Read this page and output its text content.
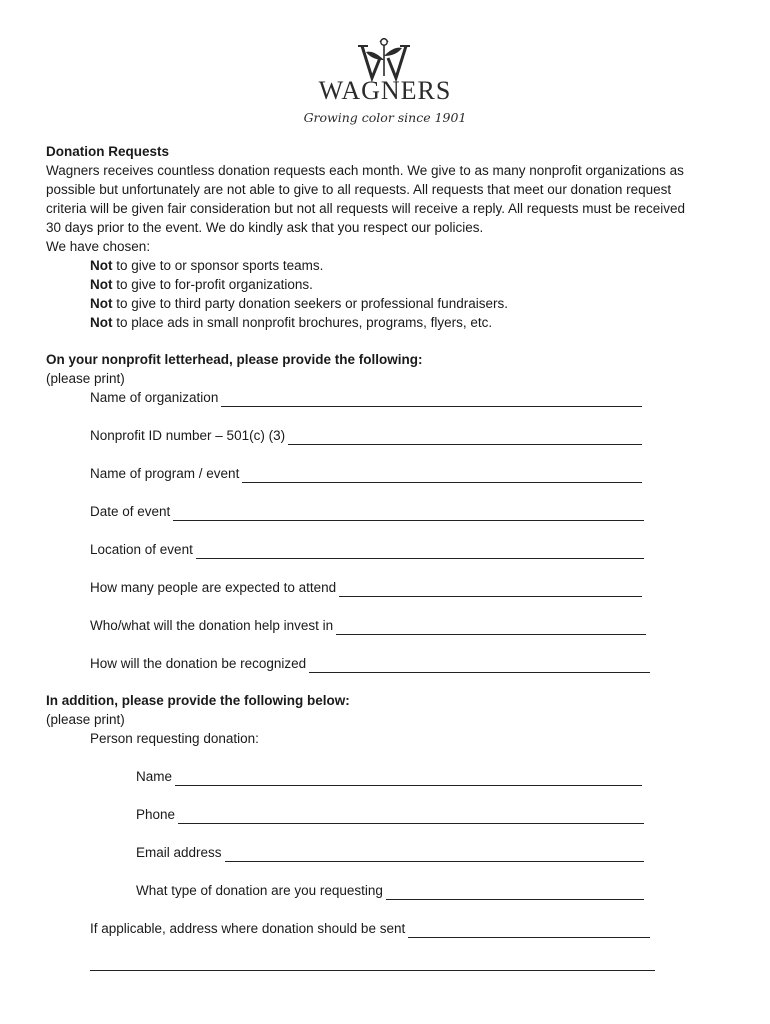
WAGNERS
Growing color since 1901
Donation Requests
Wagners receives countless donation requests each month. We give to as many nonprofit organizations as
possible but unfortunately are not able to give to all requests. All requests that meet our donation request
criteria will be given fair consideration but not all requests will receive a reply. All requests must be received
30 days prior to the event. We do kindly ask that you respect our policies.
We have chosen:
Not to give to or sponsor sports teams.
Not to give to for-profit organizations.
Not to give to third party donation seekers or professional fundraisers.
Not to place ads in small nonprofit brochures, programs, flyers, etc.
On your nonprofit letterhead, please provide the following:
(please print)
Name of organization
Nonprofit ID number – 501(c) (3)
Name of program / event
Date of event
Location of event
How many people are expected to attend
Who/what will the donation help invest in
How will the donation be recognized
In addition, please provide the following below:
(please print)
Person requesting donation:
Name
Phone
Email address
What type of donation are you requesting
If applicable, address where donation should be sent
